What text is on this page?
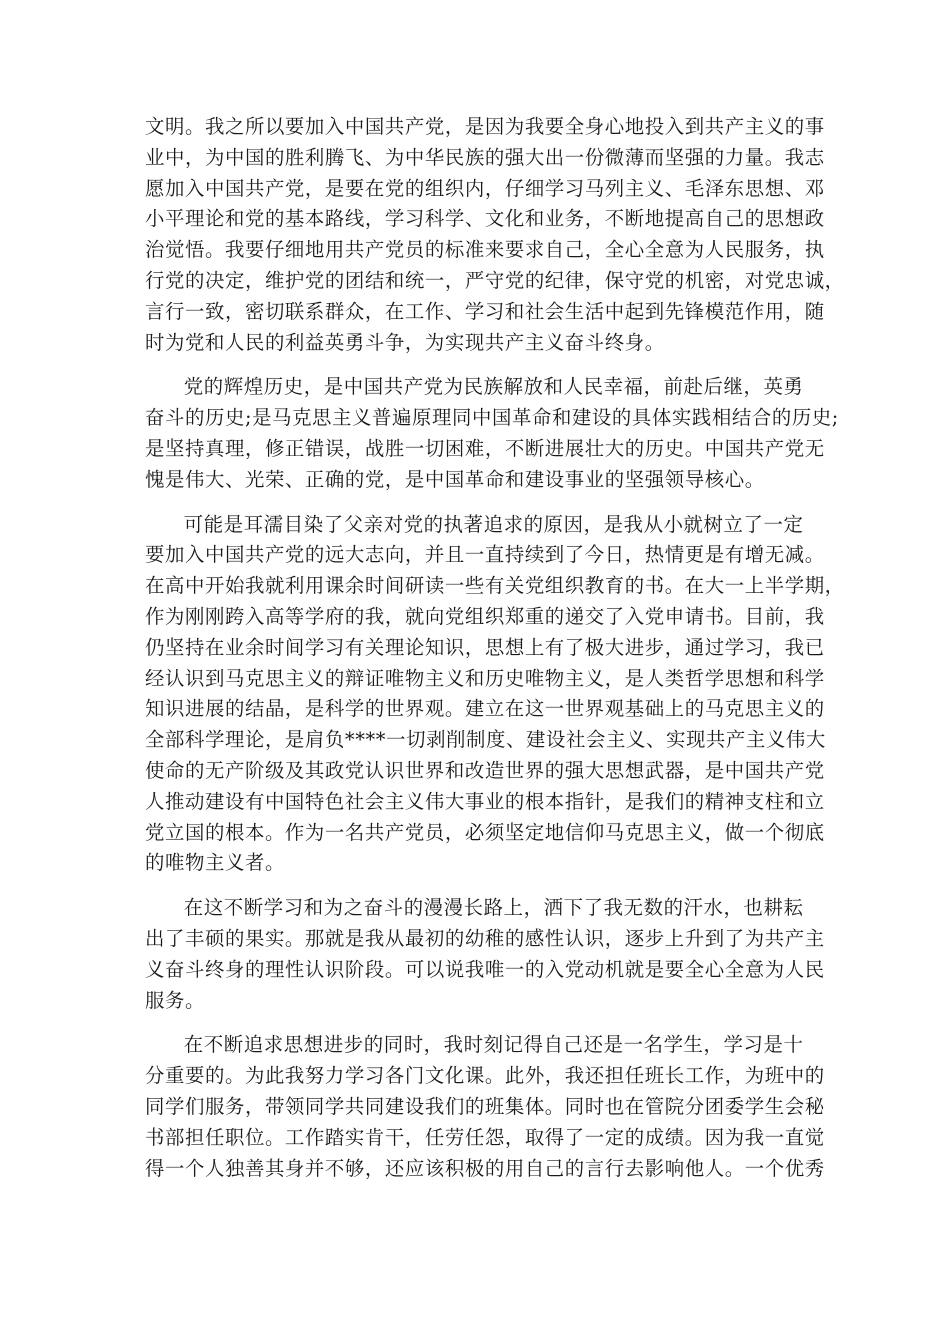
文明。我之所以要加入中国共产党，是因为我要全身心地投入到共产主义的事
业中，为中国的胜利腾飞、为中华民族的强大出一份微薄而坚强的力量。我志
愿加入中国共产党，是要在党的组织内，仔细学习马列主义、毛泽东思想、邓
小平理论和党的基本路线，学习科学、文化和业务，不断地提高自己的思想政
治觉悟。我要仔细地用共产党员的标准来要求自己，全心全意为人民服务，执
行党的决定，维护党的团结和统一，严守党的纪律，保守党的机密，对党忠诚，
言行一致，密切联系群众，在工作、学习和社会生活中起到先锋模范作用，随
时为党和人民的利益英勇斗争，为实现共产主义奋斗终身。
党的辉煌历史，是中国共产党为民族解放和人民幸福，前赴后继，英勇
奋斗的历史;是马克思主义普遍原理同中国革命和建设的具体实践相结合的历史;
是坚持真理，修正错误，战胜一切困难，不断进展壮大的历史。中国共产党无
愧是伟大、光荣、正确的党，是中国革命和建设事业的坚强领导核心。
可能是耳濡目染了父亲对党的执著追求的原因，是我从小就树立了一定
要加入中国共产党的远大志向，并且一直持续到了今日，热情更是有增无减。
在高中开始我就利用课余时间研读一些有关党组织教育的书。在大一上半学期，
作为刚刚跨入高等学府的我，就向党组织郑重的递交了入党申请书。目前，我
仍坚持在业余时间学习有关理论知识，思想上有了极大进步，通过学习，我已
经认识到马克思主义的辩证唯物主义和历史唯物主义，是人类哲学思想和科学
知识进展的结晶，是科学的世界观。建立在这一世界观基础上的马克思主义的
全部科学理论，是肩负****一切剥削制度、建设社会主义、实现共产主义伟大
使命的无产阶级及其政党认识世界和改造世界的强大思想武器，是中国共产党
人推动建设有中国特色社会主义伟大事业的根本指针，是我们的精神支柱和立
党立国的根本。作为一名共产党员，必须坚定地信仰马克思主义，做一个彻底
的唯物主义者。
在这不断学习和为之奋斗的漫漫长路上，洒下了我无数的汗水，也耕耘
出了丰硕的果实。那就是我从最初的幼稚的感性认识，逐步上升到了为共产主
义奋斗终身的理性认识阶段。可以说我唯一的入党动机就是要全心全意为人民
服务。
在不断追求思想进步的同时，我时刻记得自己还是一名学生，学习是十
分重要的。为此我努力学习各门文化课。此外，我还担任班长工作，为班中的
同学们服务，带领同学共同建设我们的班集体。同时也在管院分团委学生会秘
书部担任职位。工作踏实肯干，任劳任怨，取得了一定的成绩。因为我一直觉
得一个人独善其身并不够，还应该积极的用自己的言行去影响他人。一个优秀
